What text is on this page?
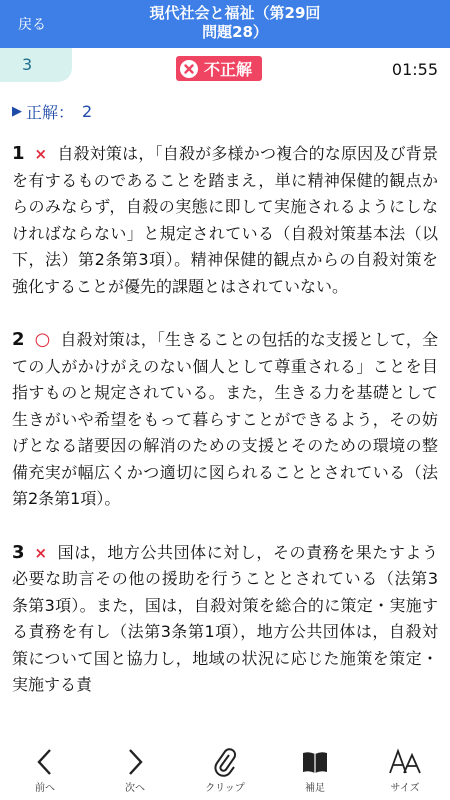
戻る
現代社会と福祉（第29回
問題28）
3	不正解	01:55
▶ 正解： 2
1 × 自殺対策は，「自殺が多様かつ複合的な原因及び背景を有するものであることを踏まえ，単に精神保健的観点からのみならず，自殺の実態に即して実施されるようにしなければならない」と規定されている（自殺対策基本法（以下，法）第2条第3項）。精神保健的観点からの自殺対策を強化することが優先的課題とはされていない。
2 ○ 自殺対策は，「生きることの包括的な支援として，全ての人がかけがえのない個人として尊重される」ことを目指すものと規定されている。また，生きる力を基礎として生きがいや希望をもって暮らすことができるよう，その妨げとなる諸要因の解消のための支援とそのための環境の整備充実が幅広くかつ適切に図られることとされている（法第2条第1項）。
3 × 国は，地方公共団体に対し，その責務を果たすよう必要な助言その他の援助を行うこととされている（法第3条第3項）。また，国は，自殺対策を総合的に策定・実施する責務を有し（法第3条第1項），地方公共団体は，自殺対策について国と協力し，地域の状況に応じた施策を策定・実施する責
前へ	次へ	クリップ	補足	サイズ
